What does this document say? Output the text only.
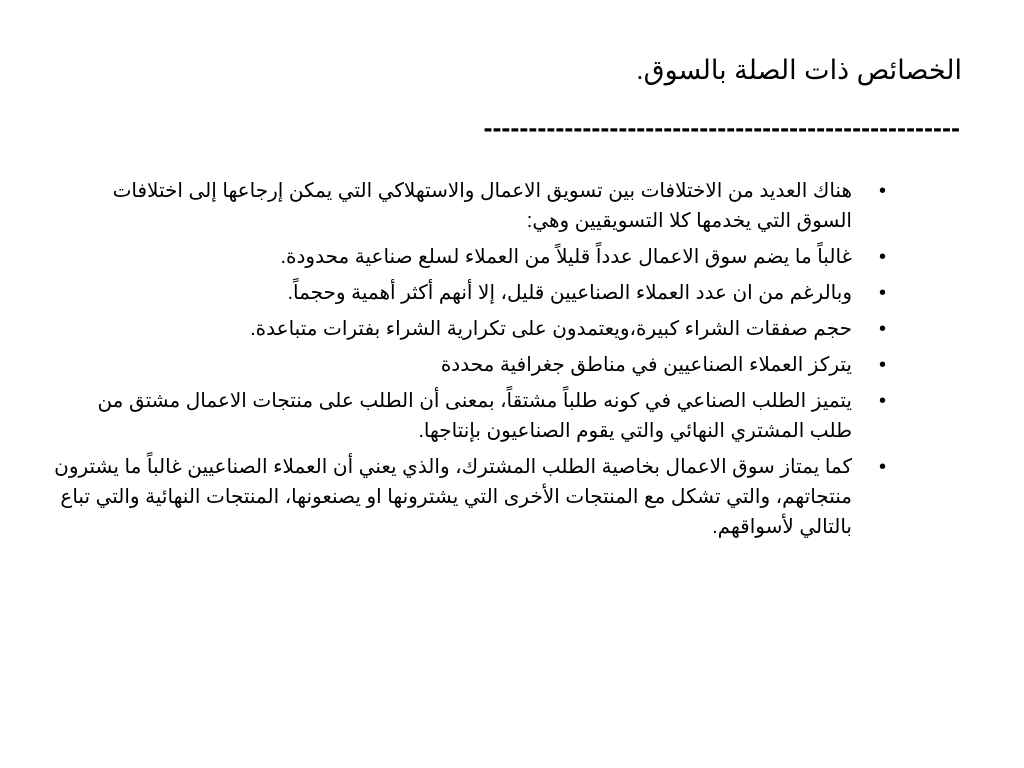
الخصائص ذات الصلة بالسوق.
-----------------------------------------------------
•
هناك العديد من الاختلافات بين تسويق الاعمال والاستهلاكي التي يمكن إرجاعها إلى اختلافات السوق التي يخدمها كلا التسويقيين وهي:
•
غالباً ما يضم سوق الاعمال عدداً قليلاً من العملاء لسلع صناعية محدودة.
•
وبالرغم من ان عدد العملاء الصناعيين قليل، إلا أنهم أكثر أهمية وحجماً.
•
حجم صفقات الشراء كبيرة،ويعتمدون على تكرارية الشراء بفترات متباعدة.
•
يتركز العملاء الصناعيين في مناطق جغرافية محددة
•
يتميز الطلب الصناعي في كونه طلباً مشتقاً، بمعنى أن الطلب على منتجات الاعمال مشتق من طلب المشتري النهائي والتي يقوم الصناعيون بإنتاجها.
•
كما يمتاز سوق الاعمال بخاصية الطلب المشترك، والذي يعني أن العملاء الصناعيين غالباً ما يشترون منتجاتهم، والتي تشكل مع المنتجات الأخرى التي يشترونها او يصنعونها، المنتجات النهائية والتي تباع بالتالي لأسواقهم.
